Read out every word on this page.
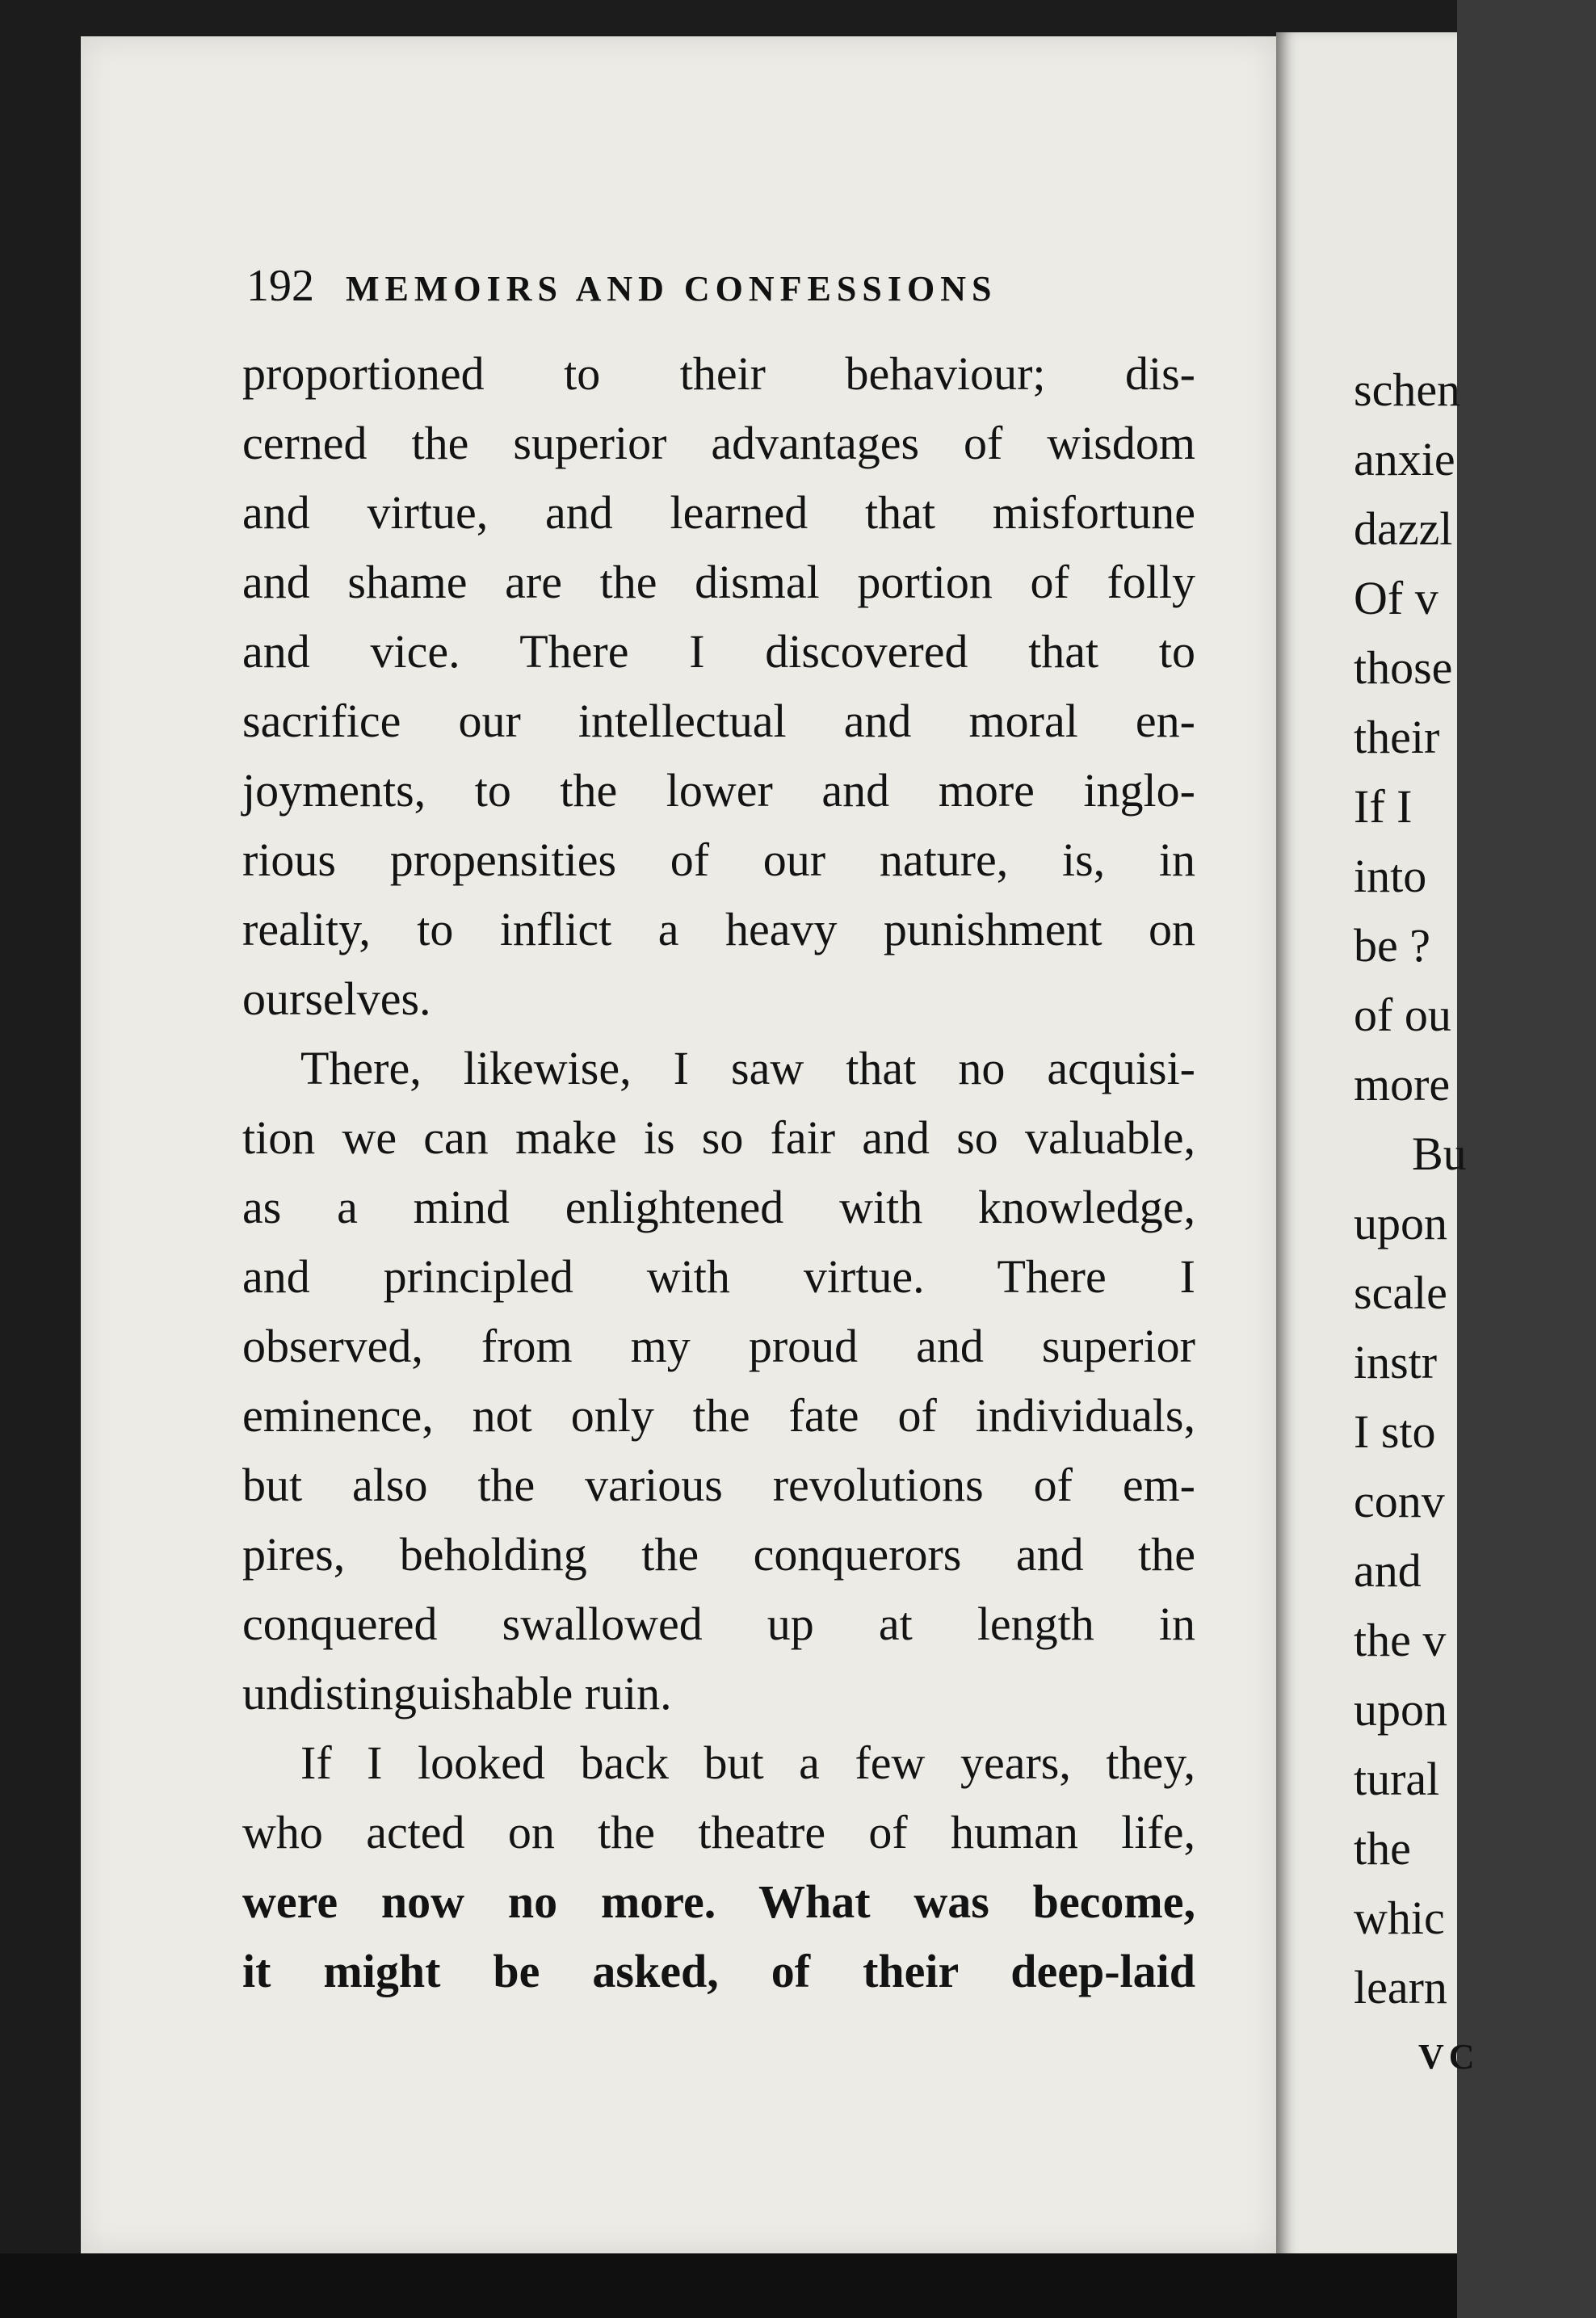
192 MEMOIRS AND CONFESSIONS
proportioned to their behaviour; dis-
cerned the superior advantages of wisdom
and virtue, and learned that misfortune
and shame are the dismal portion of folly
and vice. There I discovered that to
sacrifice our intellectual and moral en-
joyments, to the lower and more inglo-
rious propensities of our nature, is, in
reality, to inflict a heavy punishment on
ourselves.
There, likewise, I saw that no acquisi-
tion we can make is so fair and so valuable,
as a mind enlightened with knowledge,
and principled with virtue. There I
observed, from my proud and superior
eminence, not only the fate of individuals,
but also the various revolutions of em-
pires, beholding the conquerors and the
conquered swallowed up at length in
undistinguishable ruin.
If I looked back but a few years, they,
who acted on the theatre of human life,
were now no more. What was become,
it might be asked, of their deep-laid
schen
anxie
dazzl
Of v
those
their
If I
into
be ?
of ou
more
Bu
upon
scale
instr
I sto
conv
and
the v
upon
tural
the
whic
learn
VC
